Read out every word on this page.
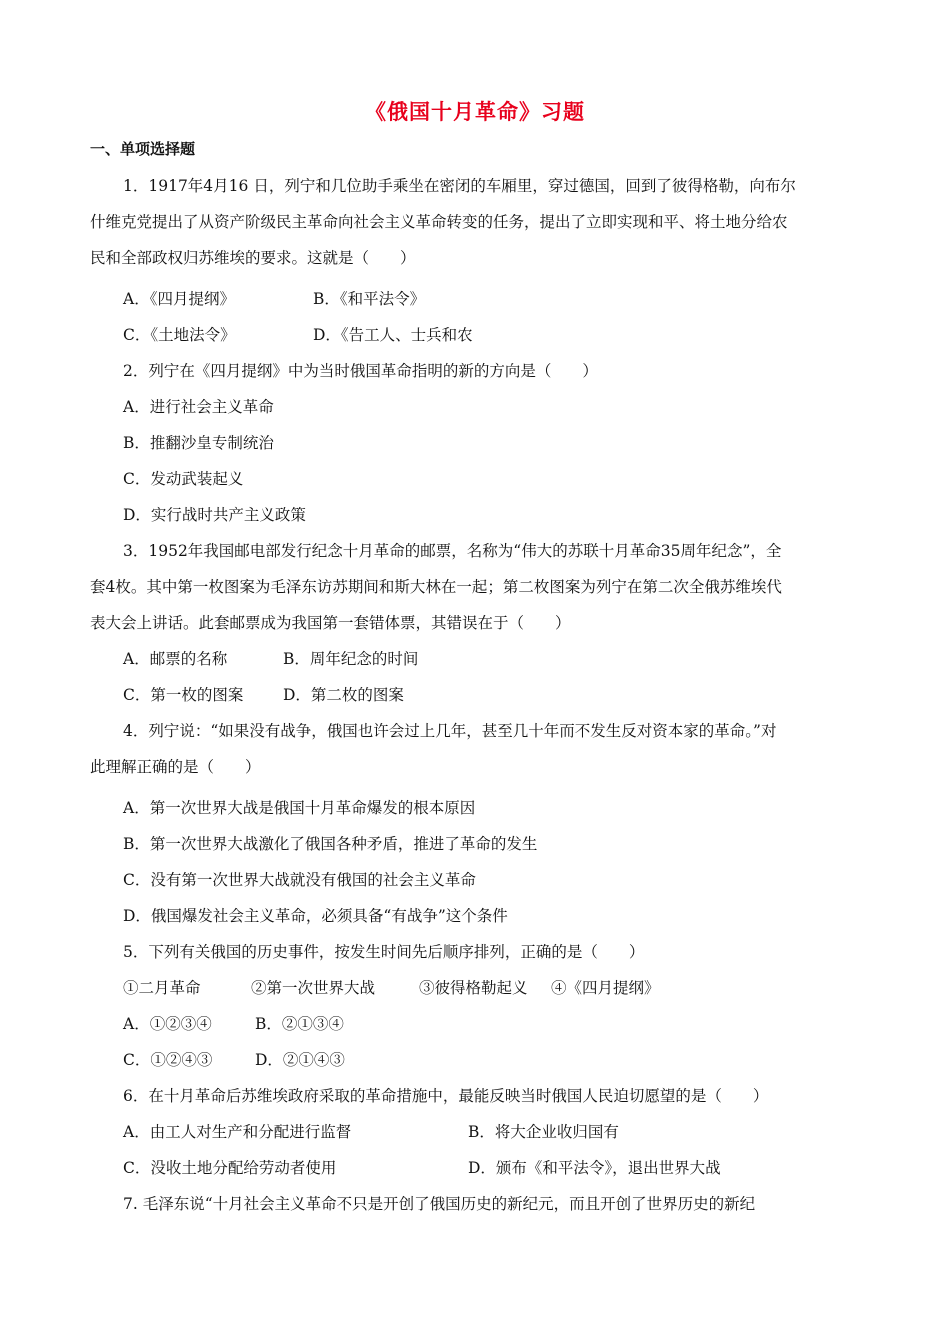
《俄国十月革命》习题
一、单项选择题
1．1917年4月16 日，列宁和几位助手乘坐在密闭的车厢里，穿过德国，回到了彼得格勒，向布尔
什维克党提出了从资产阶级民主革命向社会主义革命转变的任务，提出了立即实现和平、将土地分给农
民和全部政权归苏维埃的要求。这就是（　　）
A．《四月提纲》	B．《和平法令》
C．《土地法令》	D．《告工人、士兵和农
2．列宁在《四月提纲》中为当时俄国革命指明的新的方向是（　　）
A．进行社会主义革命
B．推翻沙皇专制统治
C．发动武装起义
D．实行战时共产主义政策
3．1952年我国邮电部发行纪念十月革命的邮票，名称为“伟大的苏联十月革命35周年纪念”，全
套4枚。其中第一枚图案为毛泽东访苏期间和斯大林在一起；第二枚图案为列宁在第二次全俄苏维埃代
表大会上讲话。此套邮票成为我国第一套错体票，其错误在于（　　）
A．邮票的名称	B．周年纪念的时间
C．第一枚的图案	D．第二枚的图案
4．列宁说：“如果没有战争，俄国也许会过上几年，甚至几十年而不发生反对资本家的革命。”对
此理解正确的是（　　）
A．第一次世界大战是俄国十月革命爆发的根本原因
B．第一次世界大战激化了俄国各种矛盾，推进了革命的发生
C．没有第一次世界大战就没有俄国的社会主义革命
D．俄国爆发社会主义革命，必须具备“有战争”这个条件
5．下列有关俄国的历史事件，按发生时间先后顺序排列，正确的是（　　）
①二月革命	②第一次世界大战	③彼得格勒起义	④《四月提纲》
A．①②③④	B．②①③④
C．①②④③	D．②①④③
6．在十月革命后苏维埃政府采取的革命措施中，最能反映当时俄国人民迫切愿望的是（　　）
A．由工人对生产和分配进行监督	B．将大企业收归国有
C．没收土地分配给劳动者使用	D．颁布《和平法令》，退出世界大战
7. 毛泽东说“十月社会主义革命不只是开创了俄国历史的新纪元，而且开创了世界历史的新纪
